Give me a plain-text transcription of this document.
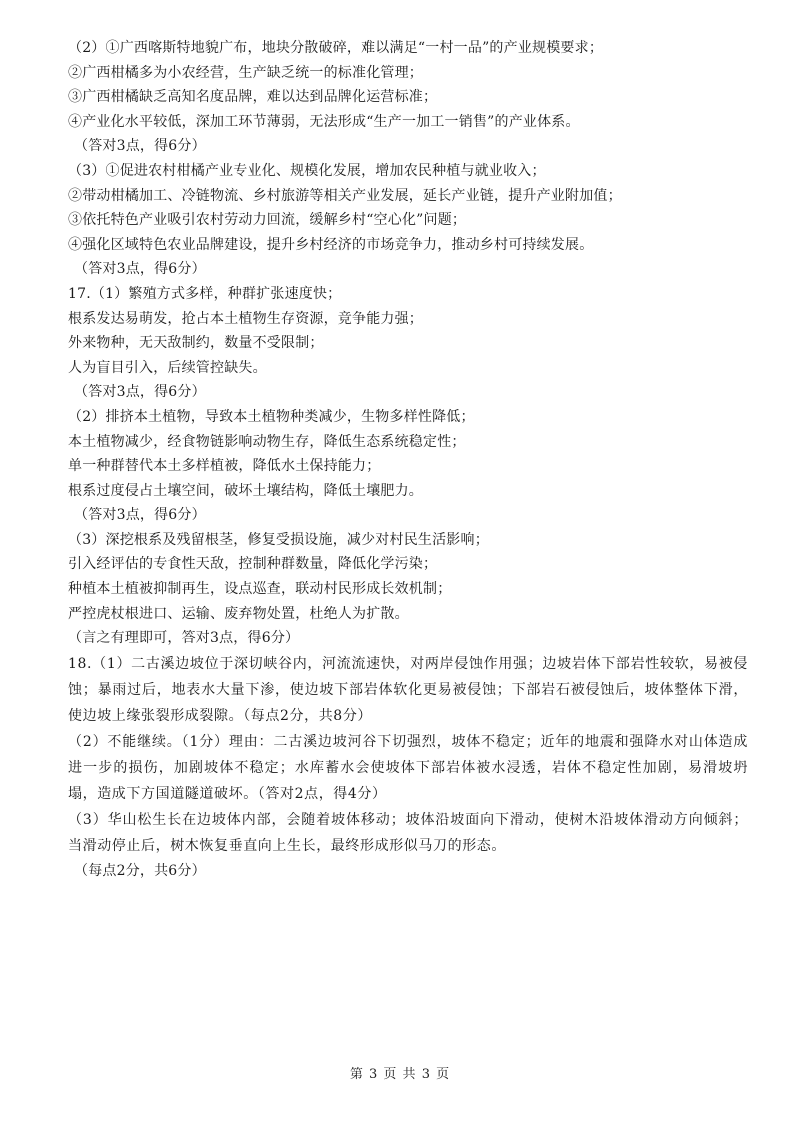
（2）①广西喀斯特地貌广布，地块分散破碎，难以满足“一村一品”的产业规模要求；
②广西柑橘多为小农经营，生产缺乏统一的标准化管理；
③广西柑橘缺乏高知名度品牌，难以达到品牌化运营标准；
④产业化水平较低，深加工环节薄弱，无法形成“生产一加工一销售”的产业体系。
（答对3点，得6分）
（3）①促进农村柑橘产业专业化、规模化发展，增加农民种植与就业收入；
②带动柑橘加工、冷链物流、乡村旅游等相关产业发展，延长产业链，提升产业附加值；
③依托特色产业吸引农村劳动力回流，缓解乡村“空心化”问题；
④强化区域特色农业品牌建设，提升乡村经济的市场竞争力，推动乡村可持续发展。
（答对3点，得6分）
17.（1）繁殖方式多样，种群扩张速度快；
根系发达易萌发，抢占本土植物生存资源，竞争能力强；
外来物种，无天敌制约，数量不受限制；
人为盲目引入，后续管控缺失。
（答对3点，得6分）
（2）排挤本土植物，导致本土植物种类减少，生物多样性降低；
本土植物减少，经食物链影响动物生存，降低生态系统稳定性；
单一种群替代本土多样植被，降低水土保持能力；
根系过度侵占土壤空间，破坏土壤结构，降低土壤肥力。
（答对3点，得6分）
（3）深挖根系及残留根茎，修复受损设施，减少对村民生活影响；
引入经评估的专食性天敌，控制种群数量，降低化学污染；
种植本土植被抑制再生，设点巡查，联动村民形成长效机制；
严控虎杖根进口、运输、废弃物处置，杜绝人为扩散。
（言之有理即可，答对3点，得6分）
18.（1）二古溪边坡位于深切峡谷内，河流流速快，对两岸侵蚀作用强；边坡岩体下部岩性较软，易被侵蚀；暴雨过后，地表水大量下渗，使边坡下部岩体软化更易被侵蚀；下部岩石被侵蚀后，坡体整体下滑，使边坡上缘张裂形成裂隙。（每点2分，共8分）
（2）不能继续。（1分）理由：二古溪边坡河谷下切强烈，坡体不稳定；近年的地震和强降水对山体造成进一步的损伤，加剧坡体不稳定；水库蓄水会使坡体下部岩体被水浸透，岩体不稳定性加剧，易滑坡坍塌，造成下方国道隧道破坏。（答对2点，得4分）
（3）华山松生长在边坡体内部，会随着坡体移动；坡体沿坡面向下滑动，使树木沿坡体滑动方向倾斜；当滑动停止后，树木恢复垂直向上生长，最终形成形似马刀的形态。
（每点2分，共6分）
第 3 页 共 3 页
